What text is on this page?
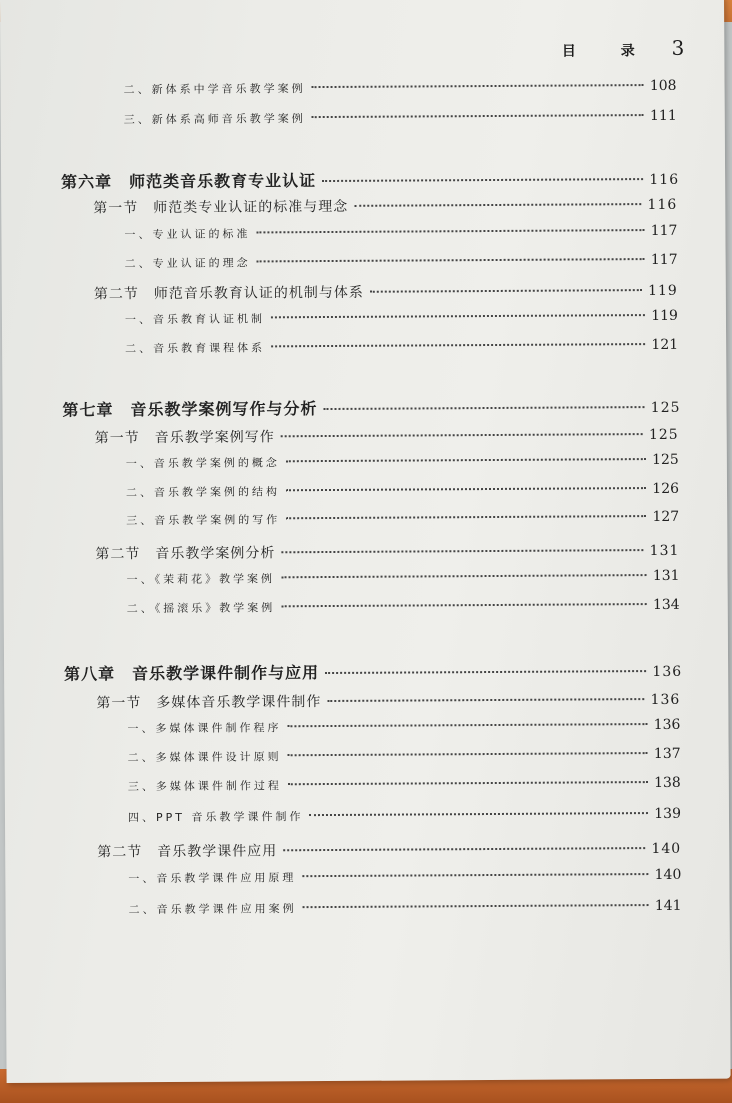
目 录 3
二、新体系中学音乐教学案例	108
三、新体系高师音乐教学案例	111
第六章　师范类音乐教育专业认证	116
第一节　师范类专业认证的标准与理念	116
一、专业认证的标准	117
二、专业认证的理念	117
第二节　师范音乐教育认证的机制与体系	119
一、音乐教育认证机制	119
二、音乐教育课程体系	121
第七章　音乐教学案例写作与分析	125
第一节　音乐教学案例写作	125
一、音乐教学案例的概念	125
二、音乐教学案例的结构	126
三、音乐教学案例的写作	127
第二节　音乐教学案例分析	131
一、《茉莉花》教学案例	131
二、《摇滚乐》教学案例	134
第八章　音乐教学课件制作与应用	136
第一节　多媒体音乐教学课件制作	136
一、多媒体课件制作程序	136
二、多媒体课件设计原则	137
三、多媒体课件制作过程	138
四、PPT 音乐教学课件制作	139
第二节　音乐教学课件应用	140
一、音乐教学课件应用原理	140
二、音乐教学课件应用案例	141
